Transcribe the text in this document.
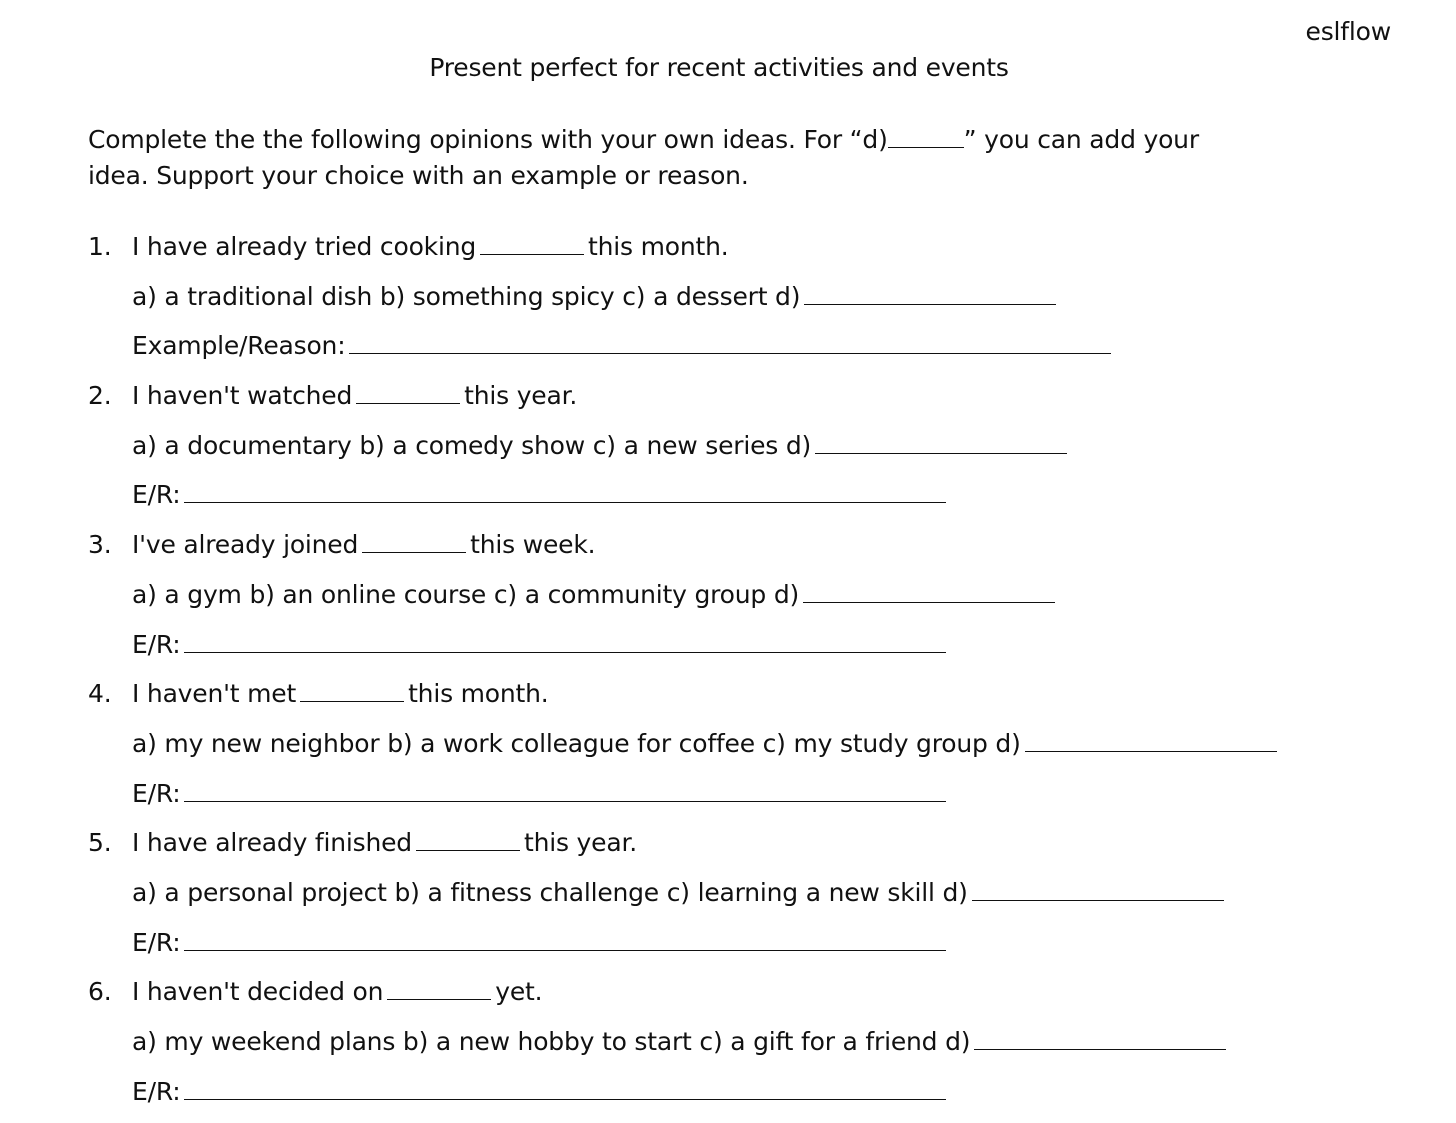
eslflow
Present perfect for recent activities and events
Complete the the following opinions with your own ideas. For “d)	” you can add your idea. Support your choice with an example or reason.
1. I have already tried cooking	this month.
a) a traditional dish b) something spicy c) a dessert d)
Example/Reason:
2. I haven't watched	this year.
a) a documentary b) a comedy show c) a new series d)
E/R:
3. I've already joined	this week.
a) a gym b) an online course c) a community group d)
E/R:
4. I haven't met	this month.
a) my new neighbor b) a work colleague for coffee c) my study group d)
E/R:
5. I have already finished	this year.
a) a personal project b) a fitness challenge c) learning a new skill d)
E/R:
6. I haven't decided on	yet.
a) my weekend plans b) a new hobby to start c) a gift for a friend d)
E/R:
